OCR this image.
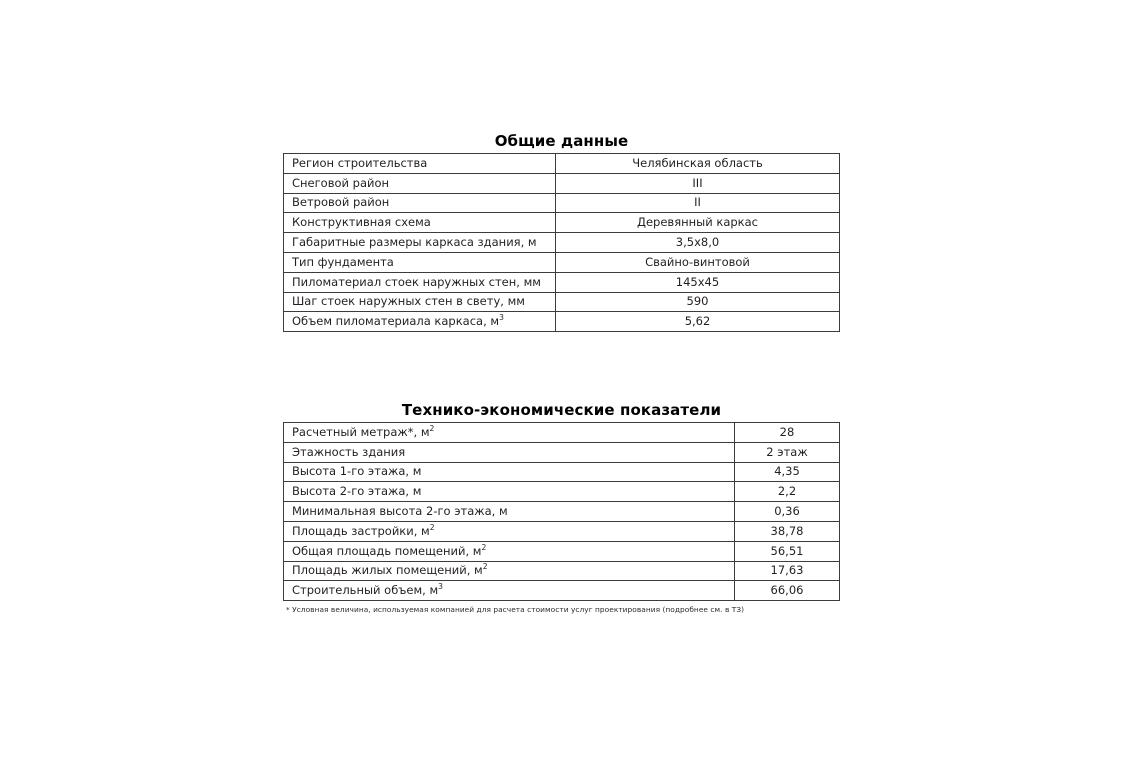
Общие данные
Регион строительства	Челябинская область
Снеговой район	III
Ветровой район	II
Конструктивная схема	Деревянный каркас
Габаритные размеры каркаса здания, м	3,5х8,0
Тип фундамента	Свайно-винтовой
Пиломатериал стоек наружных стен, мм	145х45
Шаг стоек наружных стен в свету, мм	590
Объем пиломатериала каркаса, $м^3$	5,62
Технико-экономические показатели
Расчетный метраж*, $м^2$	28
Этажность здания	2 этаж
Высота 1-го этажа, м	4,35
Высота 2-го этажа, м	2,2
Минимальная высота 2-го этажа, м	0,36
Площадь застройки, $м^2$	38,78
Общая площадь помещений, $м^2$	56,51
Площадь жилых помещений, $м^2$	17,63
Строительный объем, $м^3$	66,06
* Условная величина, используемая компанией для расчета стоимости услуг проектирования (подробнее см. в ТЗ)
